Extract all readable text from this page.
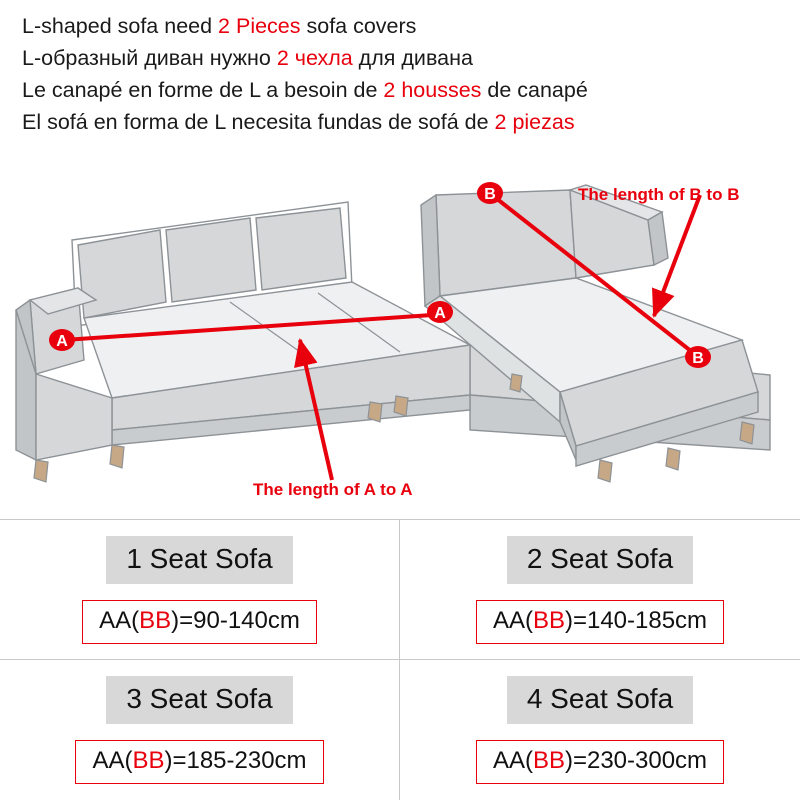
L-shaped sofa need 2 Pieces sofa covers
L-образный диван нужно 2 чехла для дивана
Le canapé en forme de L a besoin de 2 housses de canapé
El sofá en forma de L necesita fundas de sofá de 2 piezas
A
A
B
B
The length of B to B
The length of A to A
1 Seat Sofa
AA(BB)=90-140cm
2 Seat Sofa
AA(BB)=140-185cm
3 Seat Sofa
AA(BB)=185-230cm
4 Seat Sofa
AA(BB)=230-300cm
